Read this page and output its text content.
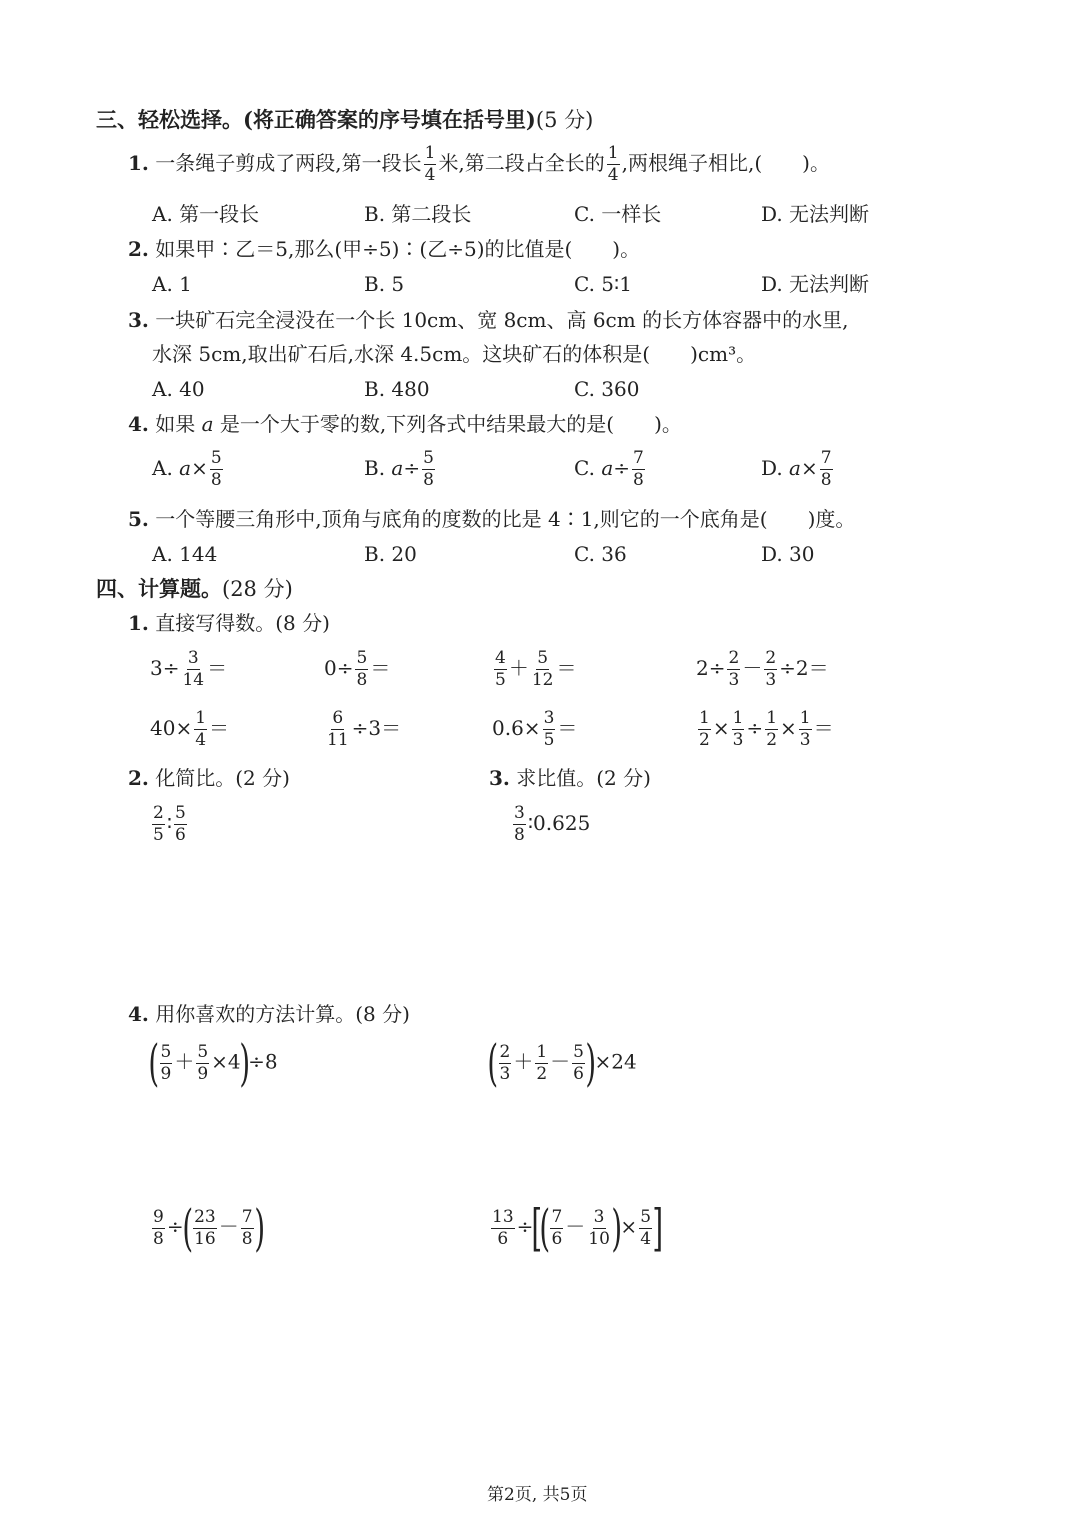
三、轻松选择。(将正确答案的序号填在括号里)(5 分)
1. 一条绳子剪成了两段,第一段长 $\frac{1}{4}$ 米,第二段占全长的 $\frac{1}{4}$ ,两根绳子相比,(　　)。
A. 第一段长	B. 第二段长	C. 一样长	D. 无法判断
2. 如果甲∶乙＝5,那么(甲÷5)∶(乙÷5)的比值是(　　)。
A. 1	B. 5	C. 5∶1	D. 无法判断
3. 一块矿石完全浸没在一个长 10cm、宽 8cm、高 6cm 的长方体容器中的水里,
水深 5cm,取出矿石后,水深 4.5cm。这块矿石的体积是(　　)cm³。
A. 40	B. 480	C. 360
4. 如果 a 是一个大于零的数,下列各式中结果最大的是(　　)。
A. $a\times \frac{5}{8}$	B. $a\div \frac{5}{8}$	C. $a\div \frac{7}{8}$	D. $a\times \frac{7}{8}$
5. 一个等腰三角形中,顶角与底角的度数的比是 4∶1,则它的一个底角是(　　)度。
A. 144	B. 20	C. 36	D. 30
四、计算题。(28 分)
1. 直接写得数。(8 分)
$3\div \frac{3}{14}$ ＝	$0\div \frac{5}{8}$ ＝	$\frac{4}{5} + \frac{5}{12}$ ＝	$2\div \frac{2}{3} - \frac{2}{3} \div 2=$
$40\times \frac{1}{4}$ ＝	$\frac{6}{11} \div 3=$	$0.6\times \frac{3}{5}$ ＝	$\frac{1}{2} \times \frac{1}{3} \div \frac{1}{2} \times \frac{1}{3}$ ＝
2. 化简比。(2 分)	3. 求比值。(2 分)
$\frac{2}{5}$ ∶ $\frac{5}{6}$	$\frac{3}{8}$ ∶0.625
4. 用你喜欢的方法计算。(8 分)
( $\frac{5}{9} + \frac{5}{9} \times 4)\div 8$	( $\frac{2}{3} + \frac{1}{2} - \frac{5}{6} )\times 24$
$\frac{9}{8}$ ÷( $\frac{23}{16} - \frac{7}{8}$ )	$\frac{13}{6}$ ÷[( $\frac{7}{6} - \frac{3}{10}$ )× $\frac{5}{4}$ ]
第2页, 共5页
